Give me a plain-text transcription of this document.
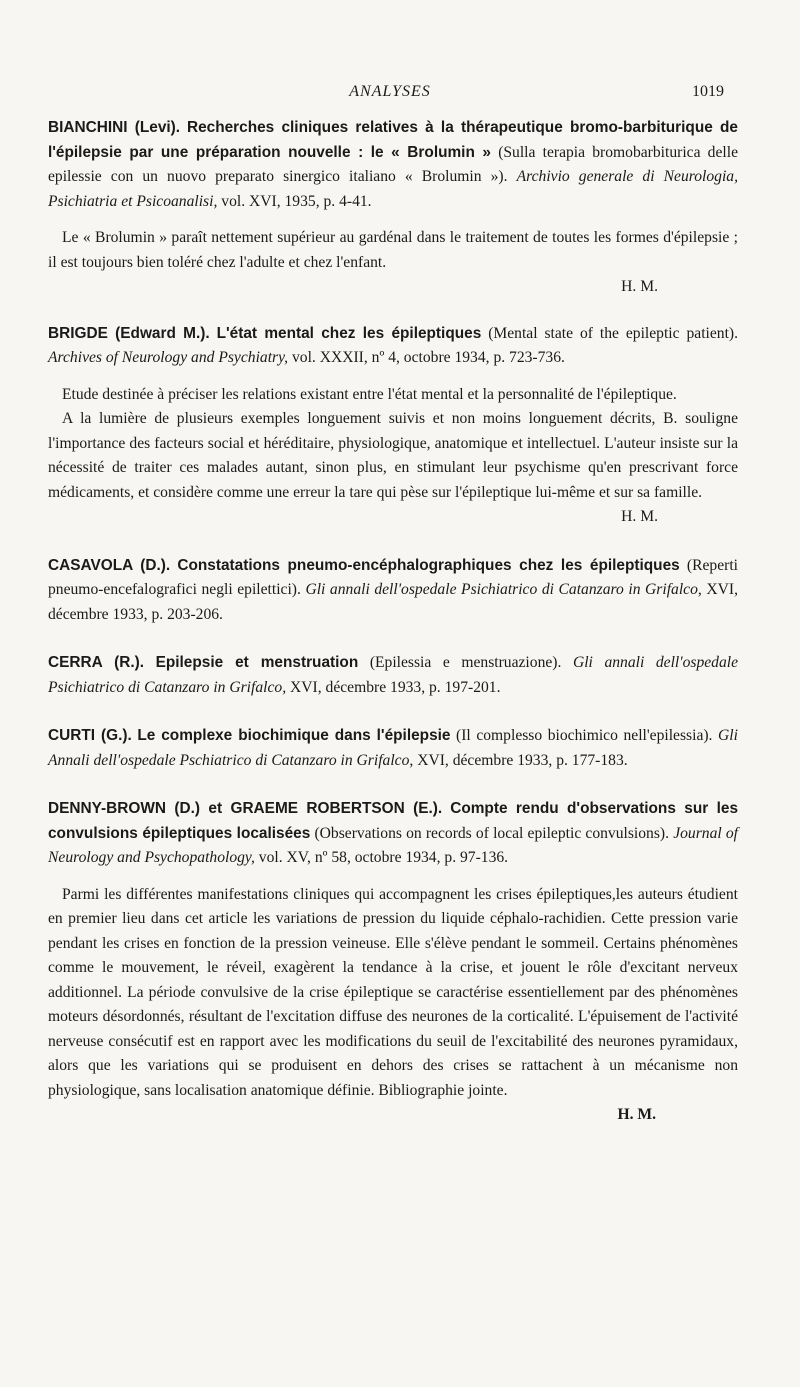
ANALYSES	1019

BIANCHINI (Levi). Recherches cliniques relatives à la thérapeutique bromo-barbiturique de l'épilepsie par une préparation nouvelle : le « Brolumin » (Sulla terapia bromobarbiturica delle epilessie con un nuovo preparato sinergico italiano « Brolumin »). Archivio generale di Neurologia, Psichiatria et Psicoanalisi, vol. XVI, 1935, p. 4-41.

Le « Brolumin » paraît nettement supérieur au gardénal dans le traitement de toutes les formes d'épilepsie ; il est toujours bien toléré chez l'adulte et chez l'enfant.

H. M.

BRIGDE (Edward M.). L'état mental chez les épileptiques (Mental state of the epileptic patient). Archives of Neurology and Psychiatry, vol. XXXII, nº 4, octobre 1934, p. 723-736.

Etude destinée à préciser les relations existant entre l'état mental et la personnalité de l'épileptique.

A la lumière de plusieurs exemples longuement suivis et non moins longuement décrits, B. souligne l'importance des facteurs social et héréditaire, physiologique, anatomique et intellectuel. L'auteur insiste sur la nécessité de traiter ces malades autant, sinon plus, en stimulant leur psychisme qu'en prescrivant force médicaments, et considère comme une erreur la tare qui pèse sur l'épileptique lui-même et sur sa famille.

H. M.

CASAVOLA (D.). Constatations pneumo-encéphalographiques chez les épileptiques (Reperti pneumo-encefalografici negli epilettici). Gli annali dell'ospedale Psichiatrico di Catanzaro in Grifalco, XVI, décembre 1933, p. 203-206.

CERRA (R.). Epilepsie et menstruation (Epilessia e menstruazione). Gli annali dell'ospedale Psichiatrico di Catanzaro in Grifalco, XVI, décembre 1933, p. 197-201.

CURTI (G.). Le complexe biochimique dans l'épilepsie (Il complesso biochimico nell'epilessia). Gli Annali dell'ospedale Pschiatrico di Catanzaro in Grifalco, XVI, décembre 1933, p. 177-183.

DENNY-BROWN (D.) et GRAEME ROBERTSON (E.). Compte rendu d'observations sur les convulsions épileptiques localisées (Observations on records of local epileptic convulsions). Journal of Neurology and Psychopathology, vol. XV, nº 58, octobre 1934, p. 97-136.

Parmi les différentes manifestations cliniques qui accompagnent les crises épileptiques,les auteurs étudient en premier lieu dans cet article les variations de pression du liquide céphalo-rachidien. Cette pression varie pendant les crises en fonction de la pression veineuse. Elle s'élève pendant le sommeil. Certains phénomènes comme le mouvement, le réveil, exagèrent la tendance à la crise, et jouent le rôle d'excitant nerveux additionnel. La période convulsive de la crise épileptique se caractérise essentiellement par des phénomènes moteurs désordonnés, résultant de l'excitation diffuse des neurones de la corticalité. L'épuisement de l'activité nerveuse consécutif est en rapport avec les modifications du seuil de l'excitabilité des neurones pyramidaux, alors que les variations qui se produisent en dehors des crises se rattachent à un mécanisme non physiologique, sans localisation anatomique définie. Bibliographie jointe.

H. M.
